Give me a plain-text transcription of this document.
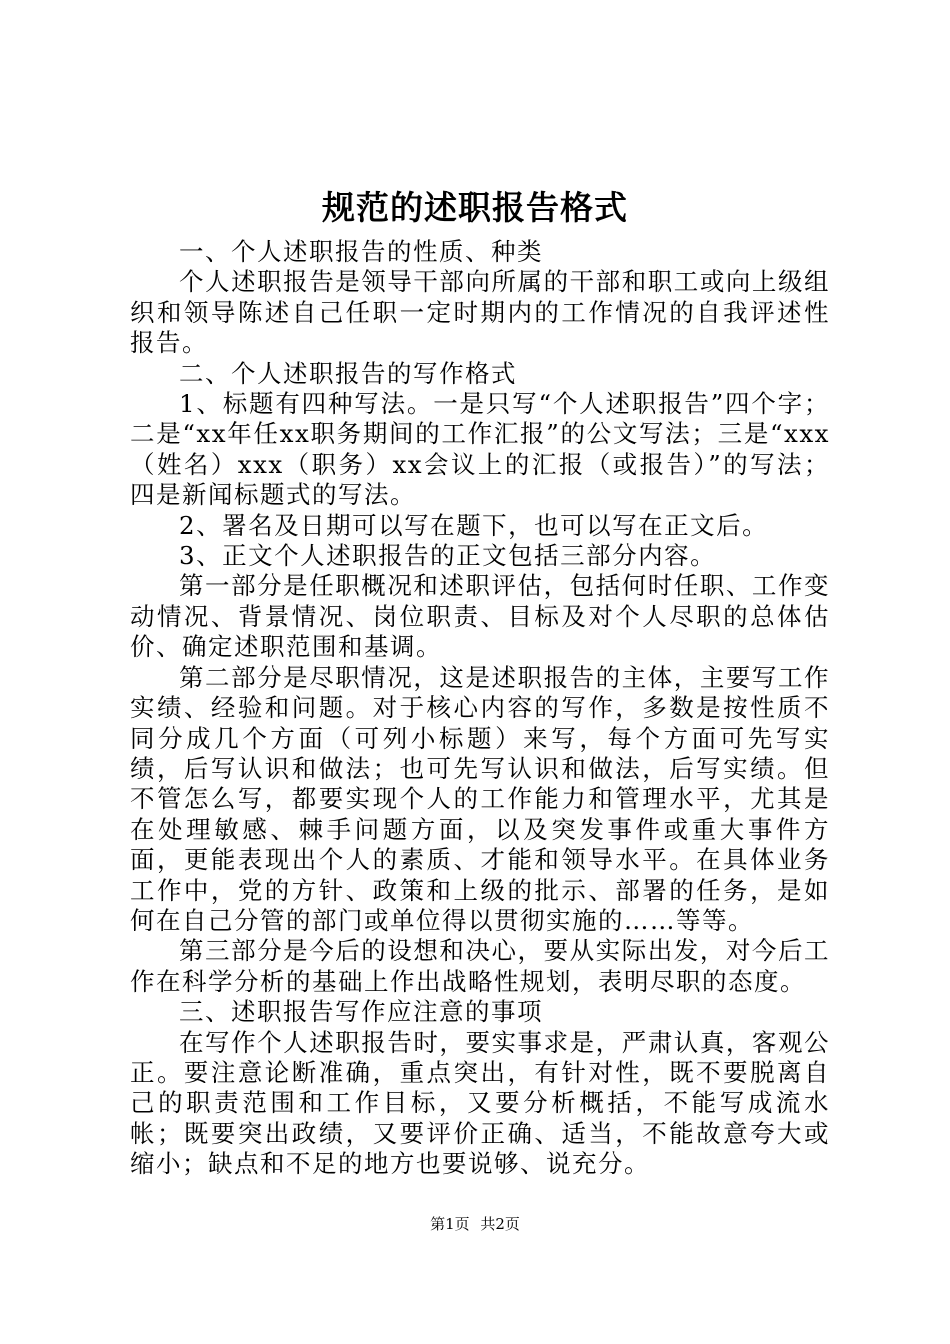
规范的述职报告格式

一、个人述职报告的性质、种类

个人述职报告是领导干部向所属的干部和职工或向上级组织和领导陈述自己任职一定时期内的工作情况的自我评述性报告。

二、个人述职报告的写作格式

1、标题有四种写法。一是只写“个人述职报告”四个字；二是“xx年任xx职务期间的工作汇报”的公文写法；三是“xxx（姓名）xxx（职务）xx会议上的汇报（或报告）”的写法；四是新闻标题式的写法。

2、署名及日期可以写在题下，也可以写在正文后。

3、正文个人述职报告的正文包括三部分内容。

第一部分是任职概况和述职评估，包括何时任职、工作变动情况、背景情况、岗位职责、目标及对个人尽职的总体估价、确定述职范围和基调。

第二部分是尽职情况，这是述职报告的主体，主要写工作实绩、经验和问题。对于核心内容的写作，多数是按性质不同分成几个方面（可列小标题）来写，每个方面可先写实绩，后写认识和做法；也可先写认识和做法，后写实绩。但不管怎么写，都要实现个人的工作能力和管理水平，尤其是在处理敏感、棘手问题方面，以及突发事件或重大事件方面，更能表现出个人的素质、才能和领导水平。在具体业务工作中，党的方针、政策和上级的批示、部署的任务，是如何在自己分管的部门或单位得以贯彻实施的……等等。

第三部分是今后的设想和决心，要从实际出发，对今后工作在科学分析的基础上作出战略性规划，表明尽职的态度。

三、述职报告写作应注意的事项

在写作个人述职报告时，要实事求是，严肃认真，客观公正。要注意论断准确，重点突出，有针对性，既不要脱离自己的职责范围和工作目标，又要分析概括，不能写成流水帐；既要突出政绩，又要评价正确、适当，不能故意夸大或缩小；缺点和不足的地方也要说够、说充分。

第1页 共2页
